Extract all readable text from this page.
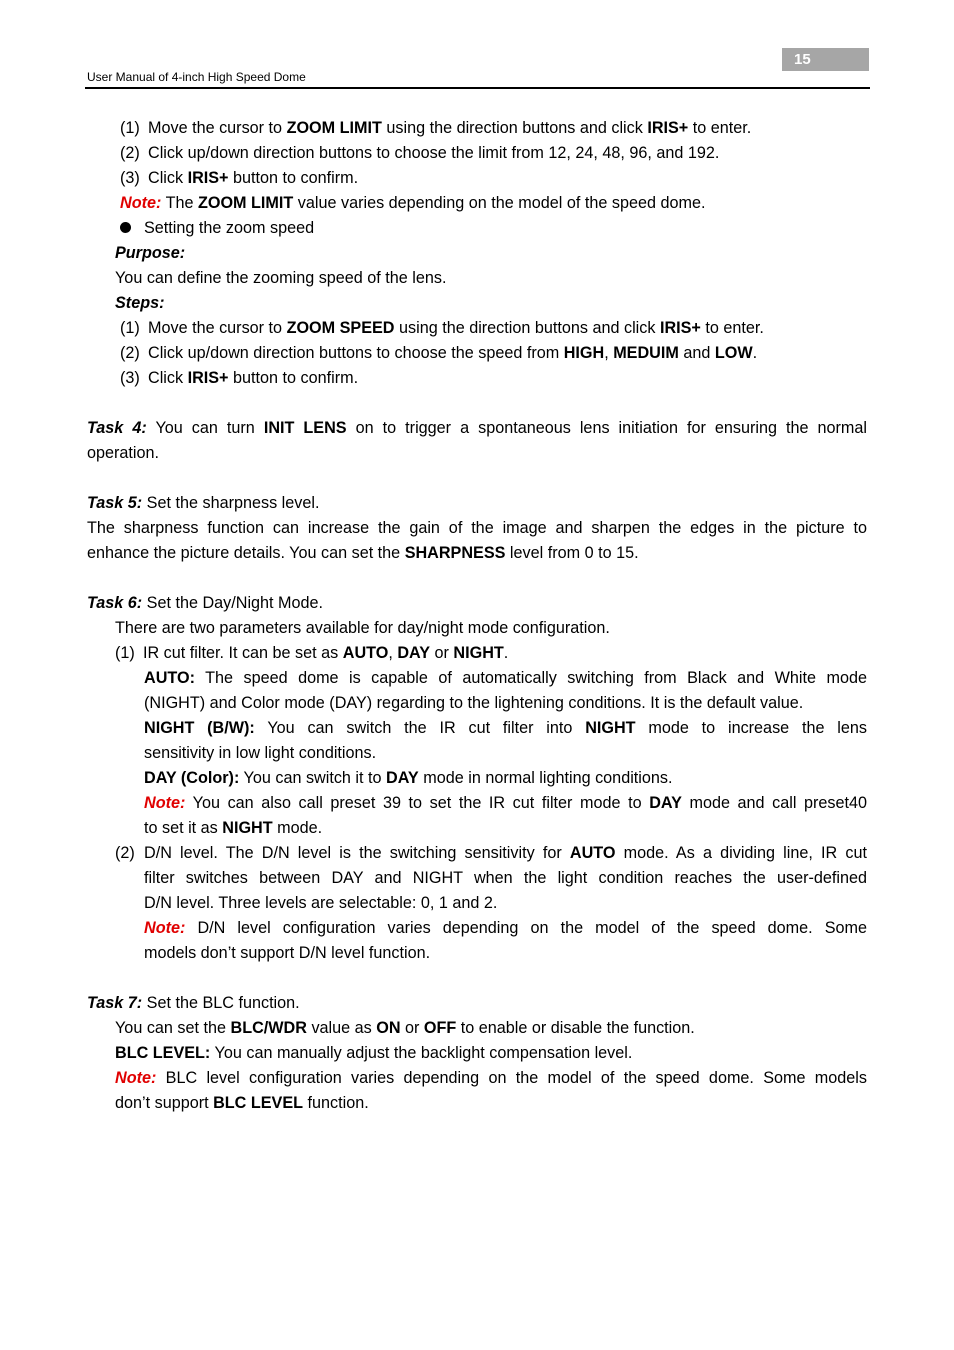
15
User Manual of 4-inch High Speed Dome
(1) Move the cursor to ZOOM LIMIT using the direction buttons and click IRIS+ to enter.
(2) Click up/down direction buttons to choose the limit from 12, 24, 48, 96, and 192.
(3) Click IRIS+ button to confirm.
Note: The ZOOM LIMIT value varies depending on the model of the speed dome.
Setting the zoom speed
Purpose:
You can define the zooming speed of the lens.
Steps:
(1) Move the cursor to ZOOM SPEED using the direction buttons and click IRIS+ to enter.
(2) Click up/down direction buttons to choose the speed from HIGH, MEDUIM and LOW.
(3) Click IRIS+ button to confirm.
Task 4: You can turn INIT LENS on to trigger a spontaneous lens initiation for ensuring the normal
operation.
Task 5: Set the sharpness level.
The sharpness function can increase the gain of the image and sharpen the edges in the picture to
enhance the picture details. You can set the SHARPNESS level from 0 to 15.
Task 6: Set the Day/Night Mode.
There are two parameters available for day/night mode configuration.
(1) IR cut filter. It can be set as AUTO, DAY or NIGHT.
AUTO: The speed dome is capable of automatically switching from Black and White mode
(NIGHT) and Color mode (DAY) regarding to the lightening conditions. It is the default value.
NIGHT (B/W): You can switch the IR cut filter into NIGHT mode to increase the lens
sensitivity in low light conditions.
DAY (Color): You can switch it to DAY mode in normal lighting conditions.
Note: You can also call preset 39 to set the IR cut filter mode to DAY mode and call preset40
to set it as NIGHT mode.
(2) D/N level. The D/N level is the switching sensitivity for AUTO mode. As a dividing line, IR cut
filter switches between DAY and NIGHT when the light condition reaches the user-defined
D/N level. Three levels are selectable: 0, 1 and 2.
Note: D/N level configuration varies depending on the model of the speed dome. Some
models don’t support D/N level function.
Task 7: Set the BLC function.
You can set the BLC/WDR value as ON or OFF to enable or disable the function.
BLC LEVEL: You can manually adjust the backlight compensation level.
Note: BLC level configuration varies depending on the model of the speed dome. Some models
don’t support BLC LEVEL function.
